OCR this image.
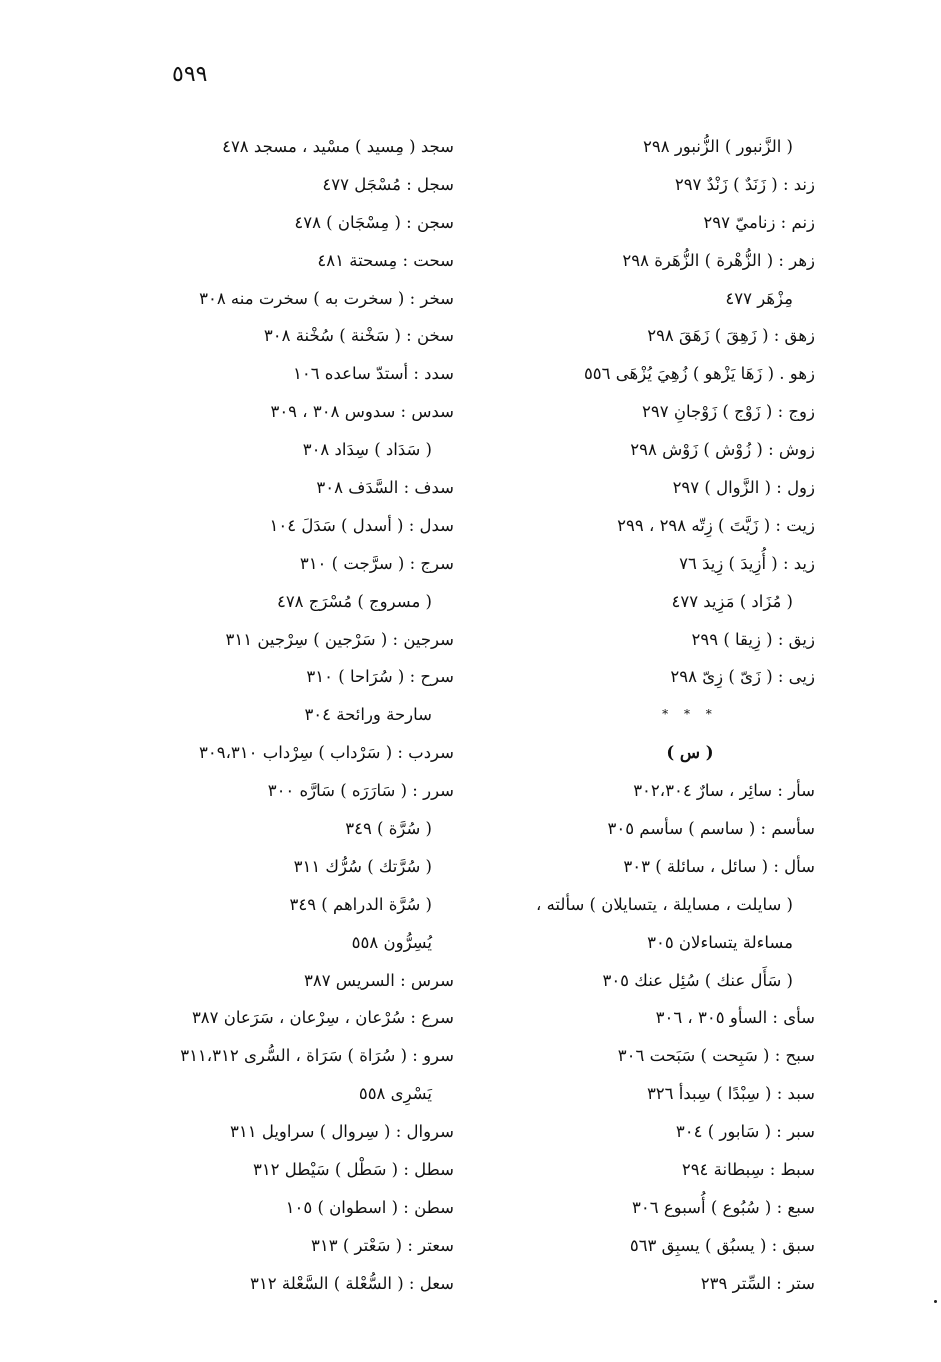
٥٩٩
( الزَّنبور ) الزُّنبور ٢٩٨
زند : ( زَنَدٌ ) زَنْدٌ ٢٩٧
زنم : زناميّ ٢٩٧
زهر : ( الزُّهْرة ) الزُّهَرة ٢٩٨
مِزْهَر ٤٧٧
زهق : ( زَهِقَ ) زَهَقَ ٢٩٨
زهو . ( زَهَا يَزْهو ) زُهِيَ يُزْهَى ٥٥٦
زوج : ( زَوْج ) زَوْجانِ ٢٩٧
زوش : ( زُوْش ) زَوْش ٢٩٨
زول : ( الزَّوال ) ٢٩٧
زيت : ( زَيَّتَ ) زِتّه ٢٩٨ ، ٢٩٩
زيد : ( أُزِيدَ ) زِيدَ ٧٦
( مُزَاد ) مَزِيد ٤٧٧
زيق : ( زِيقا ) ٢٩٩
زيى : ( زَىّ ) زِىّ ٢٩٨
* * *
( س )
سأر : سائِر ، سارٌ ٣٠٢،٣٠٤
سأسم : ( ساسم ) سأسم ٣٠٥
سأل : ( سائل ، سائلة ) ٣٠٣
( سايلت ، مسايلة ، يتسايلان ) سألته ،
مساءلة يتساءلان ٣٠٥
( سَأَل عنك ) سُئِل عنك ٣٠٥
سأى : السأو ٣٠٥ ، ٣٠٦
سبح : ( سَبِحت ) سَبَحت ٣٠٦
سبد : ( سِبْدًا ) سِبدأ ٣٢٦
سبر : ( سَابور ) ٣٠٤
سبط : سِبطانة ٢٩٤
سبع : ( سُبُوع ) أُسبوع ٣٠٦
سبق : ( يسبُق ) يسبِق ٥٦٣
ستر : السِّتر ٢٣٩
سجد ( مِسيد ) مسْيد ، مسجد ٤٧٨
سجل : مُسْجَل ٤٧٧
سجن : ( مِسْجَان ) ٤٧٨
سحت : مِسحتة ٤٨١
سخر : ( سخرت به ) سخرت منه ٣٠٨
سخن : ( سَخْنة ) سُخْنة ٣٠٨
سدد : أستدّ ساعده ١٠٦
سدس : سدوس ٣٠٨ ، ٣٠٩
( سَدَاد ) سِدَاد ٣٠٨
سدف : السَّدَف ٣٠٨
سدل : ( أسدل ) سَدَلَ ١٠٤
سرج : ( سرَّجت ) ٣١٠
( مسروج ) مُسْرَج ٤٧٨
سرجين : ( سَرْجين ) سِرْجين ٣١١
سرح : ( سُرَاحا ) ٣١٠
سارحة ورائحة ٣٠٤
سردب : ( سَرْداب ) سِرْداب ٣٠٩،٣١٠
سرر : ( سَارَرَه ) سَارَّه ٣٠٠
( سُرَّة ) ٣٤٩
( سُرَّتك ) سُرُّك ٣١١
( سُرَّة الدراهم ) ٣٤٩
يُسِرُّون ٥٥٨
سرس : السريس ٣٨٧
سرع : سُرْعان ، سِرْعان ، سَرَعان ٣٨٧
سرو : ( سُرَاة ) سَرَاة ، السُّرى ٣١١،٣١٢
يَسْرِى ٥٥٨
سروال : ( سِروال ) سراويل ٣١١
سطل : ( سَطْل ) سَيْطل ٣١٢
سطن : ( اسطوان ) ١٠٥
سعتر : ( سَعْتر ) ٣١٣
سعل : ( السُّعْلة ) السَّعْلة ٣١٢
